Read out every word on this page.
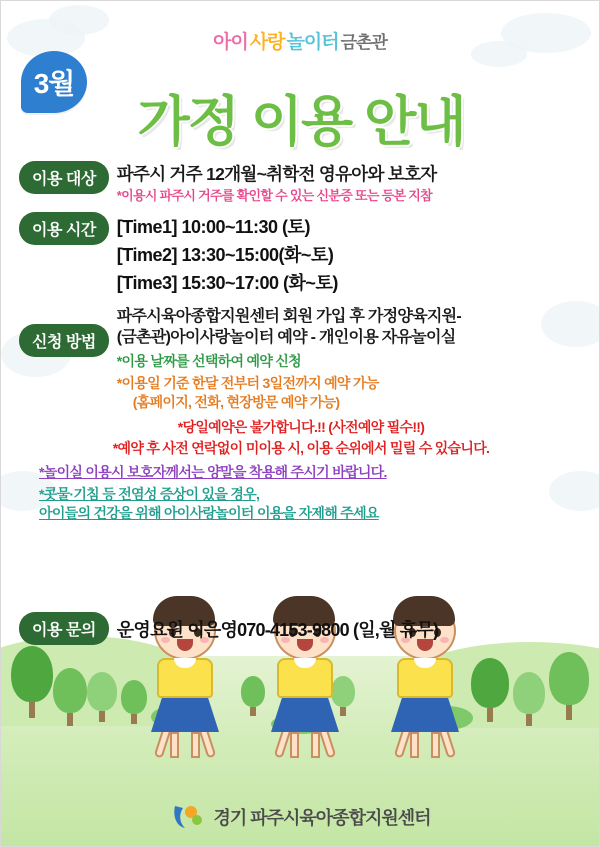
아이 사랑 놀이터 금촌관
3월
가정 이용 안내
이용 대상	파주시 거주 12개월~취학전 영유아와 보호자
*이용시 파주시 거주를 확인할 수 있는 신분증 또는 등본 지참
이용 시간	[Time1] 10:00~11:30 (토)
[Time2] 13:30~15:00(화~토)
[Time3] 15:30~17:00 (화~토)
신청 방법
파주시육아종합지원센터 회원 가입 후 가정양육지원-
(금촌관)아이사랑놀이터 예약 - 개인이용 자유놀이실
*이용 날짜를 선택하여 예약 신청
*이용일 기준 한달 전부터 3일전까지 예약 가능
(홈페이지, 전화, 현장방문 예약 가능)
*당일예약은 불가합니다.!! (사전예약 필수!!)
*예약 후 사전 연락없이 미이용 시, 이용 순위에서 밀릴 수 있습니다.
*놀이실 이용시 보호자께서는 양말을 착용해 주시기 바랍니다.
*콧물·기침 등 전염성 증상이 있을 경우,
아이들의 건강을 위해 아이사랑놀이터 이용을 자제해 주세요
이용 문의	운영요원 이은영070-4153-9800 (일,월 휴무)
경기 파주시육아종합지원센터
